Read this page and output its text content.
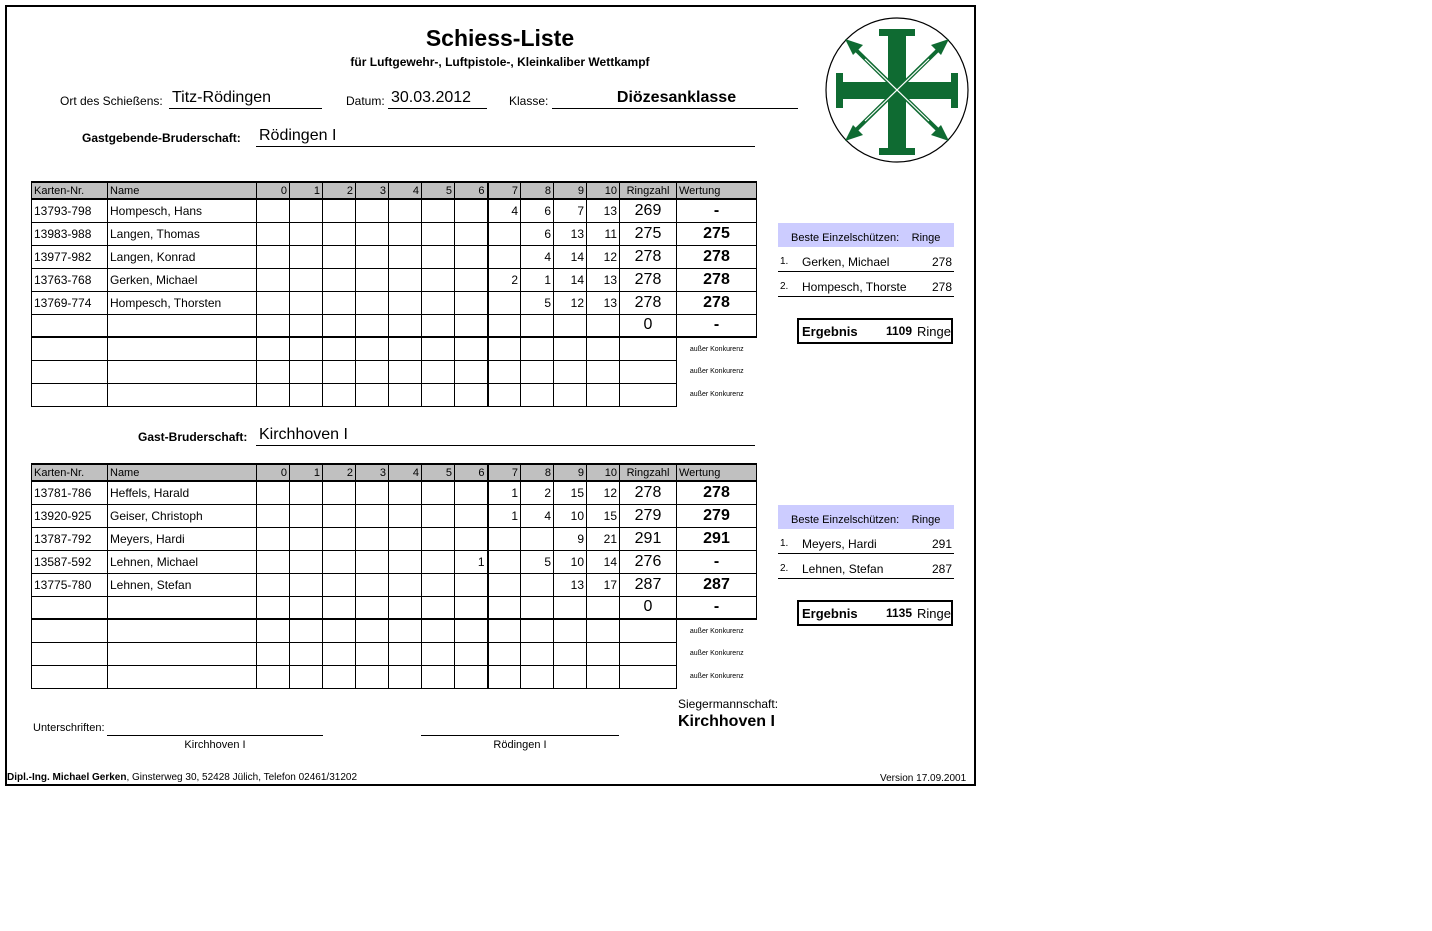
Schiess-Liste
für Luftgewehr-, Luftpistole-, Kleinkaliber Wettkampf
Ort des Schießens: Titz-Rödingen	Datum: 30.03.2012	Klasse:	Diözesanklasse
Gastgebende-Bruderschaft: Rödingen I
Karten-Nr.	Name	0	1	2	3	4	5	6	7	8	9	10	Ringzahl	Wertung
13793-798	Hompesch, Hans								4	6	7	13	269	-
13983-988	Langen, Thomas									6	13	11	275	275
13977-982	Langen, Konrad									4	14	12	278	278
13763-768	Gerken, Michael								2	1	14	13	278	278
13769-774	Hompesch, Thorsten									5	12	13	278	278
													0	-
														außer Konkurenz
														außer Konkurenz
														außer Konkurenz
Beste Einzelschützen:	Ringe
1.	Gerken, Michael	278
2.	Hompesch, Thorste	278
Ergebnis	1109 Ringe
Gast-Bruderschaft: Kirchhoven I
Karten-Nr.	Name	0	1	2	3	4	5	6	7	8	9	10	Ringzahl	Wertung
13781-786	Heffels, Harald								1	2	15	12	278	278
13920-925	Geiser, Christoph								1	4	10	15	279	279
13787-792	Meyers, Hardi										9	21	291	291
13587-592	Lehnen, Michael							1		5	10	14	276	-
13775-780	Lehnen, Stefan										13	17	287	287
													0	-
														außer Konkurenz
														außer Konkurenz
														außer Konkurenz
Beste Einzelschützen:	Ringe
1.	Meyers, Hardi	291
2.	Lehnen, Stefan	287
Ergebnis	1135 Ringe
Siegermannschaft:
Kirchhoven I
Unterschriften:
Kirchhoven I	Rödingen I
Dipl.-Ing. Michael Gerken, Ginsterweg 30, 52428 Jülich, Telefon 02461/31202	Version 17.09.2001
